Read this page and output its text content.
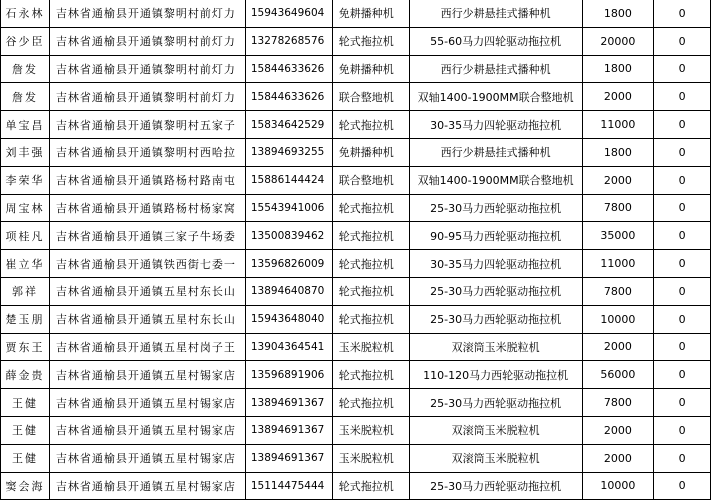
石永林	吉林省通榆县开通镇黎明村前灯力	15943649604	免耕播种机	西行少耕悬挂式播种机	1800	0
谷少臣	吉林省通榆县开通镇黎明村前灯力	13278268576	轮式拖拉机	55-60马力四轮驱动拖拉机	20000	0
詹发	吉林省通榆县开通镇黎明村前灯力	15844633626	免耕播种机	西行少耕悬挂式播种机	1800	0
詹发	吉林省通榆县开通镇黎明村前灯力	15844633626	联合整地机	双轴1400-1900MM联合整地机	2000	0
单宝昌	吉林省通榆县开通镇黎明村五家子	15834642529	轮式拖拉机	30-35马力四轮驱动拖拉机	11000	0
刘丰强	吉林省通榆县开通镇黎明村西哈拉	13894693255	免耕播种机	西行少耕悬挂式播种机	1800	0
李荣华	吉林省通榆县开通镇路杨村路南屯	15886144424	联合整地机	双轴1400-1900MM联合整地机	2000	0
周宝林	吉林省通榆县开通镇路杨村杨家窝	15543941006	轮式拖拉机	25-30马力西轮驱动拖拉机	7800	0
项桂凡	吉林省通榆县开通镇三家子牛场委	13500839462	轮式拖拉机	90-95马力西轮驱动拖拉机	35000	0
崔立华	吉林省通榆县开通镇铁西街七委一	13596826009	轮式拖拉机	30-35马力四轮驱动拖拉机	11000	0
郭祥	吉林省通榆县开通镇五星村东长山	13894640870	轮式拖拉机	25-30马力西轮驱动拖拉机	7800	0
楚玉朋	吉林省通榆县开通镇五星村东长山	15943648040	轮式拖拉机	25-30马力西轮驱动拖拉机	10000	0
贾东王	吉林省通榆县开通镇五星村岗子王	13904364541	玉米脱粒机	双滚筒玉米脱粒机	2000	0
薛金贵	吉林省通榆县开通镇五星村锡家店	13596891906	轮式拖拉机	110-120马力西轮驱动拖拉机	56000	0
王健	吉林省通榆县开通镇五星村锡家店	13894691367	轮式拖拉机	25-30马力西轮驱动拖拉机	7800	0
王健	吉林省通榆县开通镇五星村锡家店	13894691367	玉米脱粒机	双滚筒玉米脱粒机	2000	0
王健	吉林省通榆县开通镇五星村锡家店	13894691367	玉米脱粒机	双滚筒玉米脱粒机	2000	0
窦会海	吉林省通榆县开通镇五星村锡家店	15114475444	轮式拖拉机	25-30马力西轮驱动拖拉机	10000	0
